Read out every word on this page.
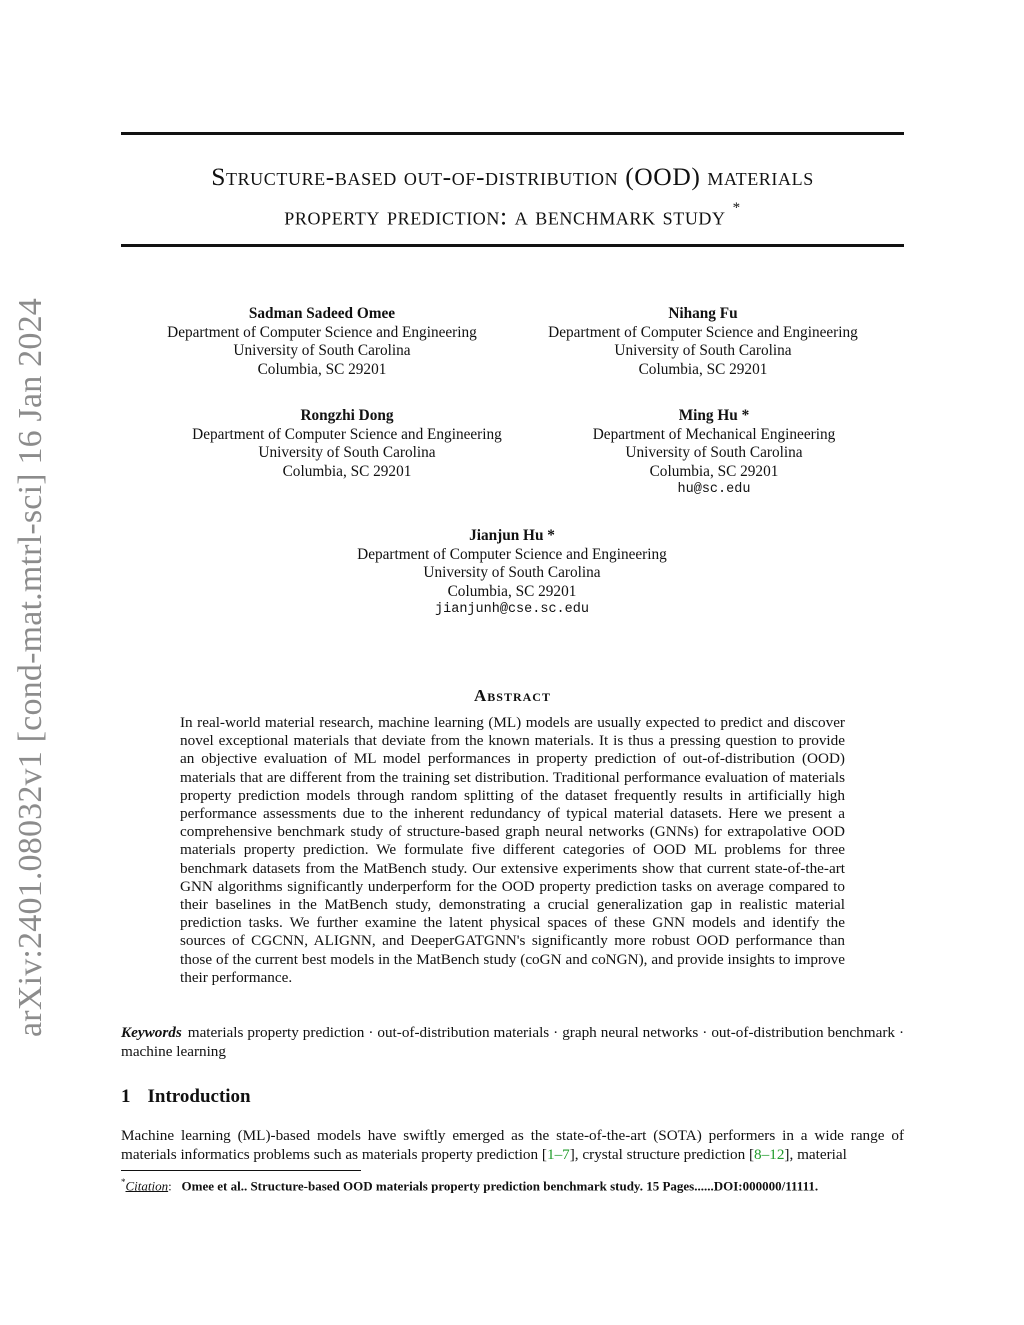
arXiv:2401.08032v1 [cond-mat.mtrl-sci] 16 Jan 2024
Structure-based out-of-distribution (OOD) materials
property prediction: a benchmark study *
Sadman Sadeed Omee
Department of Computer Science and Engineering
University of South Carolina
Columbia, SC 29201
Nihang Fu
Department of Computer Science and Engineering
University of South Carolina
Columbia, SC 29201
Rongzhi Dong
Department of Computer Science and Engineering
University of South Carolina
Columbia, SC 29201
Ming Hu *
Department of Mechanical Engineering
University of South Carolina
Columbia, SC 29201
hu@sc.edu
Jianjun Hu *
Department of Computer Science and Engineering
University of South Carolina
Columbia, SC 29201
jianjunh@cse.sc.edu
Abstract
In real-world material research, machine learning (ML) models are usually expected to predict and discover novel exceptional materials that deviate from the known materials. It is thus a pressing question to provide an objective evaluation of ML model performances in property prediction of out-of-distribution (OOD) materials that are different from the training set distribution. Traditional performance evaluation of materials property prediction models through random splitting of the dataset frequently results in artificially high performance assessments due to the inherent redundancy of typical material datasets. Here we present a comprehensive benchmark study of structure-based graph neural networks (GNNs) for extrapolative OOD materials property prediction. We formulate five different categories of OOD ML problems for three benchmark datasets from the MatBench study. Our extensive experiments show that current state-of-the-art GNN algorithms significantly underperform for the OOD property prediction tasks on average compared to their baselines in the MatBench study, demonstrating a crucial generalization gap in realistic material prediction tasks. We further examine the latent physical spaces of these GNN models and identify the sources of CGCNN, ALIGNN, and DeeperGATGNN's significantly more robust OOD performance than those of the current best models in the MatBench study (coGN and coNGN), and provide insights to improve their performance.
Keywords materials property prediction · out-of-distribution materials · graph neural networks · out-of-distribution benchmark · machine learning
1 Introduction
Machine learning (ML)-based models have swiftly emerged as the state-of-the-art (SOTA) performers in a wide range of materials informatics problems such as materials property prediction [1–7], crystal structure prediction [8–12], material
*Citation:   Omee et al.. Structure-based OOD materials property prediction benchmark study. 15 Pages......DOI:000000/11111.
